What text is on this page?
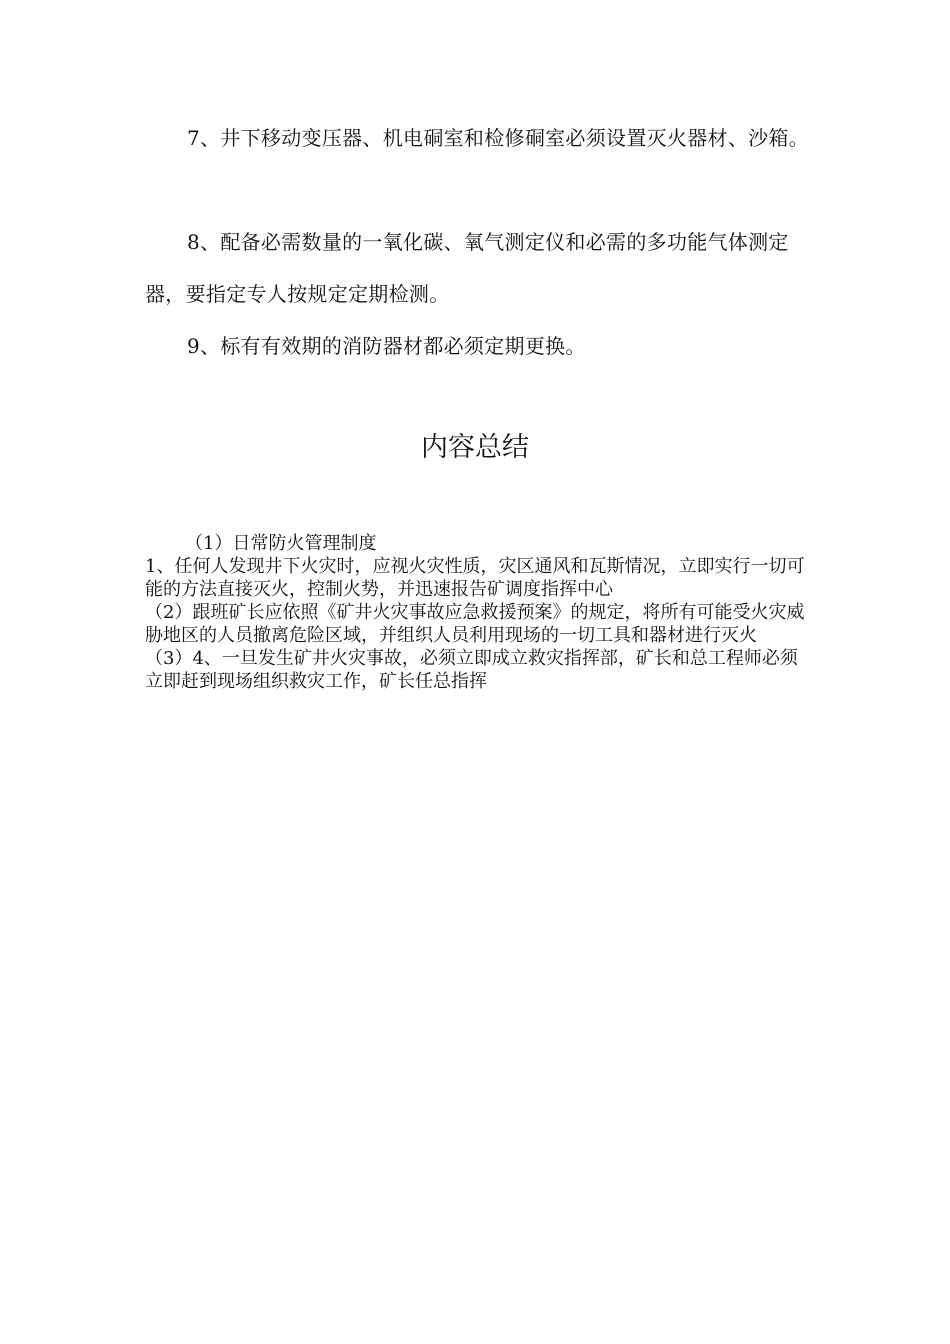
7、井下移动变压器、机电硐室和检修硐室必须设置灭火器材、沙箱。

8、配备必需数量的一氧化碳、氧气测定仪和必需的多功能气体测定器，要指定专人按规定定期检测。

9、标有有效期的消防器材都必须定期更换。

内容总结

（1）日常防火管理制度

1、任何人发现井下火灾时，应视火灾性质，灾区通风和瓦斯情况，立即实行一切可能的方法直接灭火，控制火势，并迅速报告矿调度指挥中心

（2）跟班矿长应依照《矿井火灾事故应急救援预案》的规定，将所有可能受火灾威胁地区的人员撤离危险区域，并组织人员利用现场的一切工具和器材进行灭火

（3）4、一旦发生矿井火灾事故，必须立即成立救灾指挥部，矿长和总工程师必须立即赶到现场组织救灾工作，矿长任总指挥
